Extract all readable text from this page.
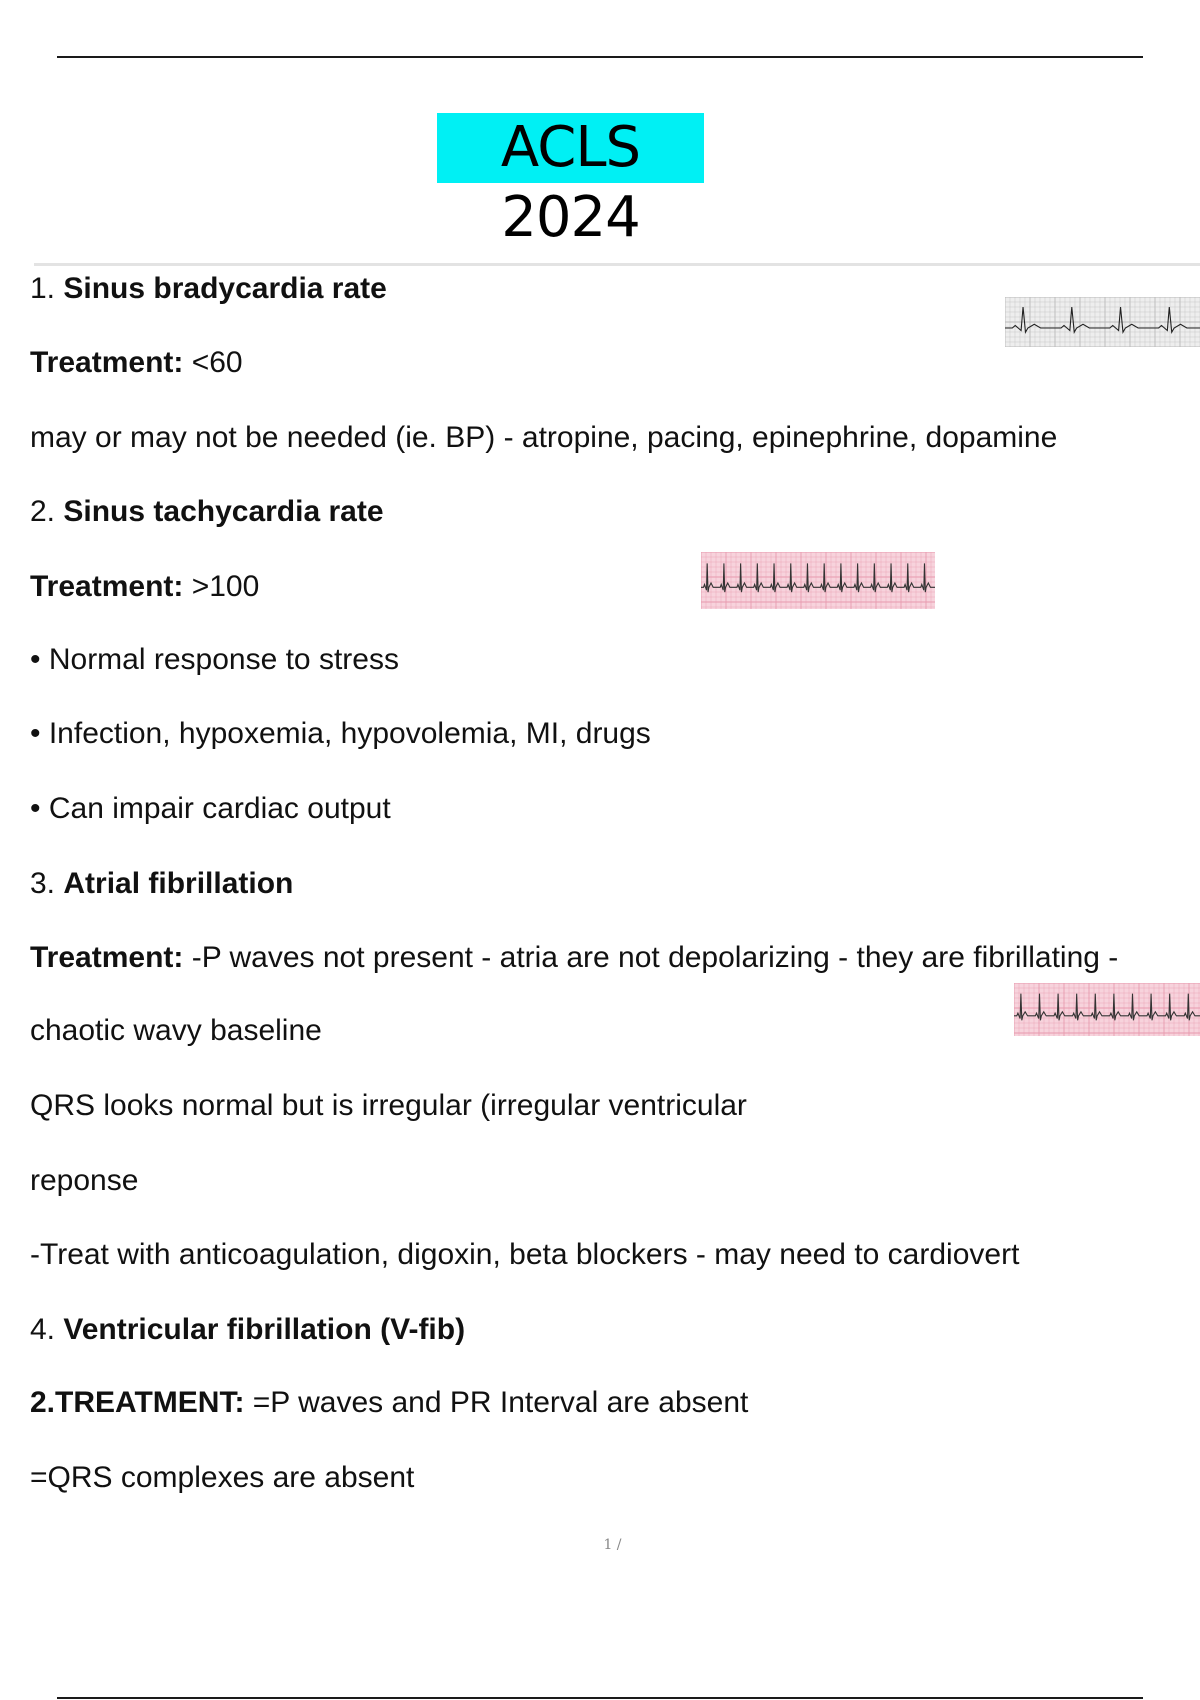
ACLS 2024
1. Sinus bradycardia rate
Treatment: <60
may or may not be needed (ie. BP) - atropine, pacing, epinephrine, dopamine
2. Sinus tachycardia rate
Treatment: >100
• Normal response to stress
• Infection, hypoxemia, hypovolemia, MI, drugs
• Can impair cardiac output
3. Atrial fibrillation
Treatment: -P waves not present - atria are not depolarizing - they are fibrillating -
chaotic wavy baseline
QRS looks normal but is irregular (irregular ventricular
reponse
-Treat with anticoagulation, digoxin, beta blockers - may need to cardiovert
4. Ventricular fibrillation (V-fib)
2.TREATMENT: =P waves and PR Interval are absent
=QRS complexes are absent
1 /
